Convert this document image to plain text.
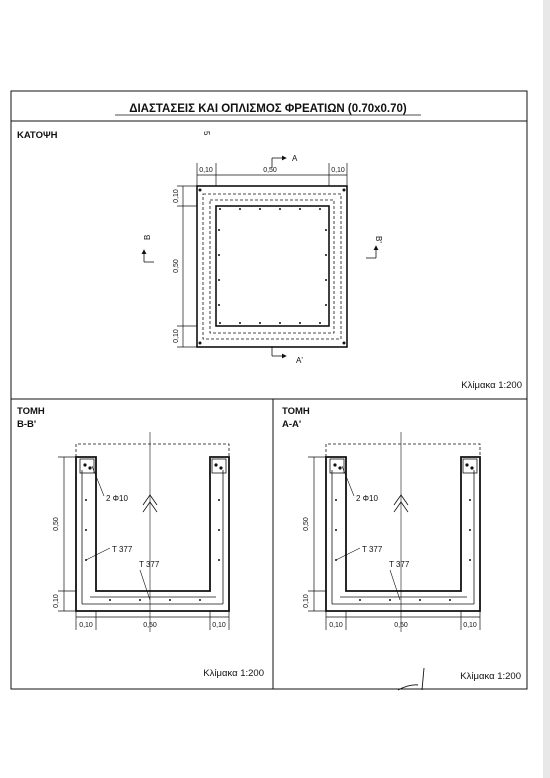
ΔΙΑΣΤΑΣΕΙΣ ΚΑΙ ΟΠΛΙΣΜΟΣ ΦΡΕΑΤΙΩΝ (0.70x0.70)
ΚΑΤΟΨΗ	5
0,10	0,50	0,10
0,10
0,50
0,10
A
A'
B	B'
Κλίμακα 1:200
ΤΟΜΗ
Β-Β'
2 Φ10
T 377
T 377
0,50
0,10
0,10	0,50	0,10
Κλίμακα 1:200
ΤΟΜΗ
Α-Α'
2 Φ10
T 377
T 377
0,50
0,10
0,10	0,50	0,10
Κλίμακα 1:200
